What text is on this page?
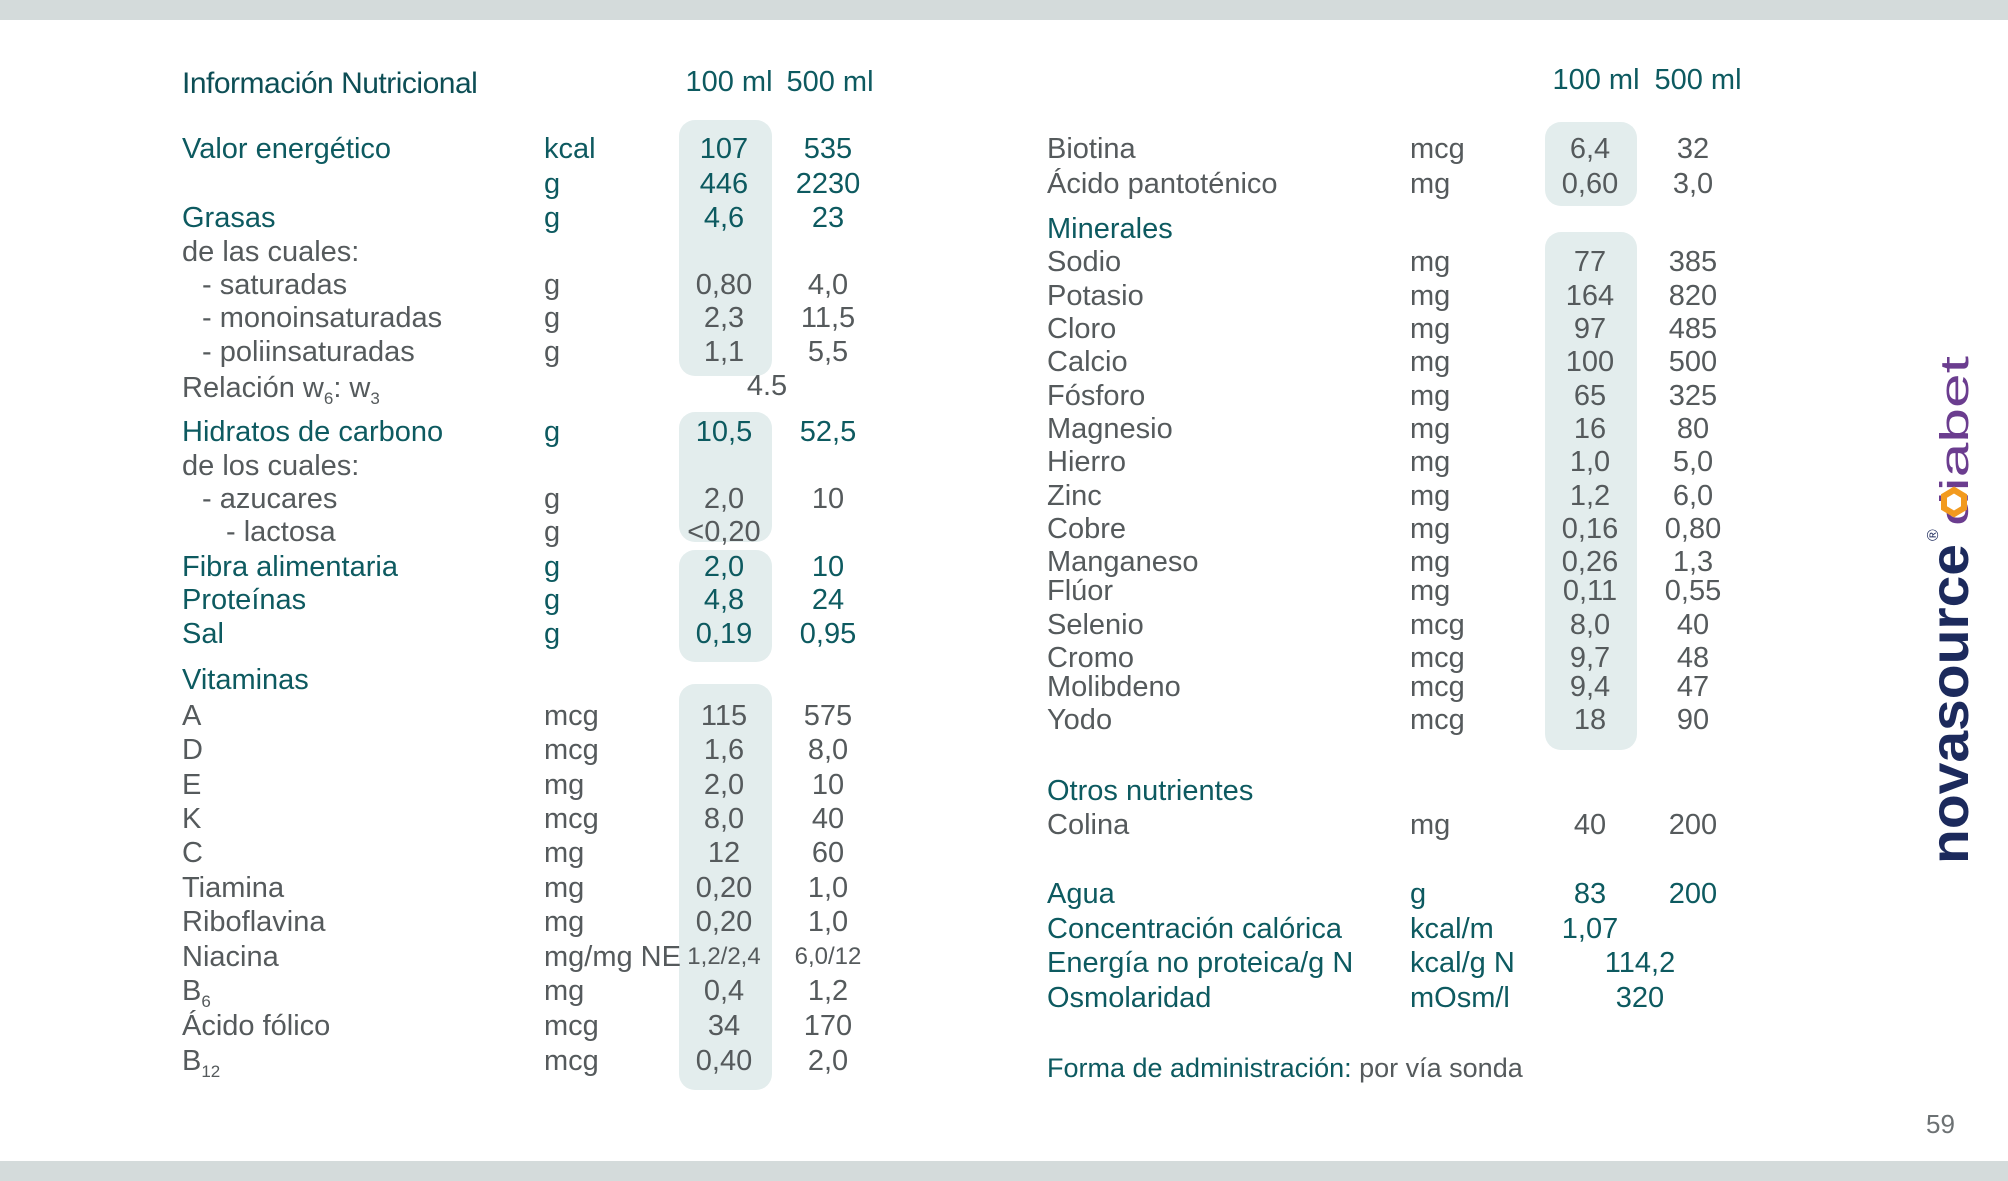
Información Nutricional	100 ml 500 ml
Valor energético	kcal	107 535
g	446 2230
Grasas	g	4,6 23
de las cuales:
- saturadas	g	0,80 4,0
- monoinsaturadas	g	2,3 11,5
- poliinsaturadas	g	1,1 5,5
Relación $w_6$: $w_3$	4.5
Hidratos de carbono	g	10,5 52,5
de los cuales:
- azucares	g	2,0 10
- lactosa	g	<0,20
Fibra alimentaria	g	2,0 10
Proteínas	g	4,8 24
Sal	g	0,19 0,95
Vitaminas
A	mcg	115 575
D	mcg	1,6 8,0
E	mg	2,0 10
K	mcg	8,0 40
C	mg	12 60
Tiamina	mg	0,20 1,0
Riboflavina	mg	0,20 1,0
Niacina	mg/mg NE 1,2/2,4 6,0/12
$B_6$	mg	0,4 1,2
Ácido fólico	mcg	34 170
$B_{12}$	mcg	0,40 2,0
100 ml 500 ml
Biotina	mcg	6,4 32
Ácido pantoténico	mg	0,60 3,0
Minerales
Sodio	mg	77 385
Potasio	mg	164 820
Cloro	mg	97 485
Calcio	mg	100 500
Fósforo	mg	65 325
Magnesio	mg	16 80
Hierro	mg	1,0 5,0
Zinc	mg	1,2 6,0
Cobre	mg	0,16 0,80
Manganeso	mg	0,26 1,3
Flúor	mg	0,11 0,55
Selenio	mcg	8,0 40
Cromo	mcg	9,7 48
Molibdeno	mcg	9,4 47
Yodo	mcg	18 90
Otros nutrientes
Colina	mg	40 200
Agua	g	83 200
Concentración calórica kcal/m 1,07
Energía no proteica/g N kcal/g N	114,2
Osmolaridad	mOsm/l	320
Forma de administración: por vía sonda
novasource
®
diabet
59
